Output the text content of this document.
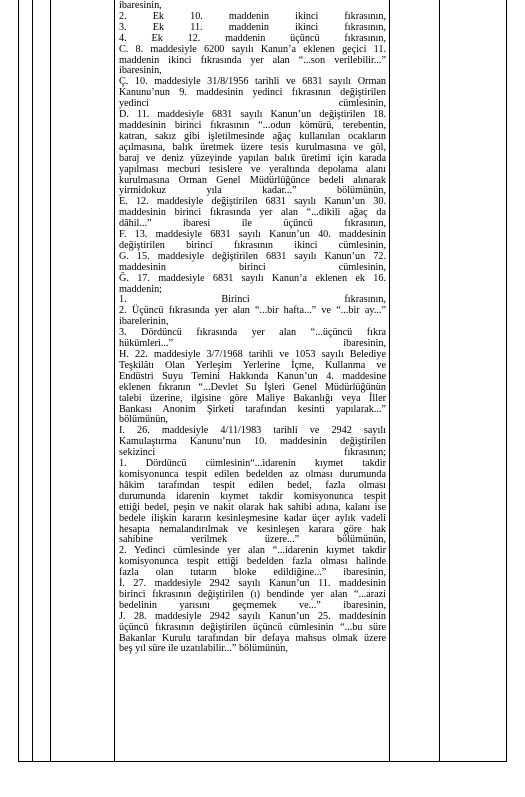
ibaresinin,

2. Ek 10. maddenin ikinci fıkrasının,

3. Ek 11. maddenin ikinci fıkrasının,

4. Ek 12. maddenin üçüncü fıkrasının,

C. 8. maddesiyle 6200 sayılı Kanun’a eklenen geçici 11.

maddenin ikinci fıkrasında yer alan “...son verilebilir...”

ibaresinin,

Ç. 10. maddesiyle 31/8/1956 tarihli ve 6831 sayılı Orman

Kanunu’nun 9. maddesinin yedinci fıkrasının değiştirilen

yedinci cümlesinin,

D. 11. maddesiyle 6831 sayılı Kanun’un değiştirilen 18.

maddesinin birinci fıkrasının “...odun kömürü, terebentin,

katran, sakız gibi işletilmesinde ağaç kullanılan ocakların

açılmasına, balık üretmek üzere tesis kurulmasına ve göl,

baraj ve deniz yüzeyinde yapılan balık üretimi için karada

yapılması mecburi tesislere ve yeraltında depolama alanı

kurulmasına Orman Genel Müdürlüğünce bedeli alınarak

yirmidokuz yıla kadar...” bölümünün,

E. 12. maddesiyle değiştirilen 6831 sayılı Kanun’un 30.

maddesinin birinci fıkrasında yer alan “...dikili ağaç da

dâhil...” ibaresi ile üçüncü fıkrasının,

F. 13. maddesiyle 6831 sayılı Kanun’un 40. maddesinin

değiştirilen birinci fıkrasının ikinci cümlesinin,

G. 15. maddesiyle değiştirilen 6831 sayılı Kanun’un 72.

maddesinin birinci cümlesinin,

Ğ. 17. maddesiyle 6831 sayılı Kanun’a eklenen ek 16.

maddenin;

1. Birinci fıkrasının,

2. Üçüncü fıkrasında yer alan “...bir hafta...” ve “...bir ay...”

ibarelerinin,

3. Dördüncü fıkrasında yer alan “...üçüncü fıkra

hükümleri...” ibaresinin,

H. 22. maddesiyle 3/7/1968 tarihli ve 1053 sayılı Belediye

Teşkilâtı Olan Yerleşim Yerlerine İçme, Kullanma ve

Endüstri Suyu Temini Hakkında Kanun’un 4. maddesine

eklenen fıkranın “...Devlet Su İşleri Genel Müdürlüğünün

talebi üzerine, ilgisine göre Maliye Bakanlığı veya İller

Bankası Anonim Şirketi tarafından kesinti yapılarak...”

bölümünün,

I. 26. maddesiyle 4/11/1983 tarihli ve 2942 sayılı

Kamulaştırma Kanunu’nun 10. maddesinin değiştirilen

sekizinci fıkrasının;

1. Dördüncü cümlesinin“...idarenin kıymet takdir

komisyonunca tespit edilen bedelden az olması durumunda

hâkim tarafından tespit edilen bedel, fazla olması

durumunda idarenin kıymet takdir komisyonunca tespit

ettiği bedel, peşin ve nakit olarak hak sahibi adına, kalanı ise

bedele ilişkin kararın kesinleşmesine kadar üçer aylık vadeli

hesapta nemalandırılmak ve kesinleşen karara göre hak

sahibine verilmek üzere...” bölümünün,

2. Yedinci cümlesinde yer alan “...idarenin kıymet takdir

komisyonunca tespit ettiği bedelden fazla olması halinde

fazla olan tutarın bloke edildiğine...” ibaresinin,

İ. 27. maddesiyle 2942 sayılı Kanun’un 11. maddesinin

birinci fıkrasının değiştirilen (ı) bendinde yer alan “...arazi

bedelinin yarısını geçmemek ve...” ibaresinin,

J. 28. maddesiyle 2942 sayılı Kanun’un 25. maddesinin

üçüncü fıkrasının değiştirilen üçüncü cümlesinin “...bu süre

Bakanlar Kurulu tarafından bir defaya mahsus olmak üzere

beş yıl süre ile uzatılabilir...” bölümünün,
